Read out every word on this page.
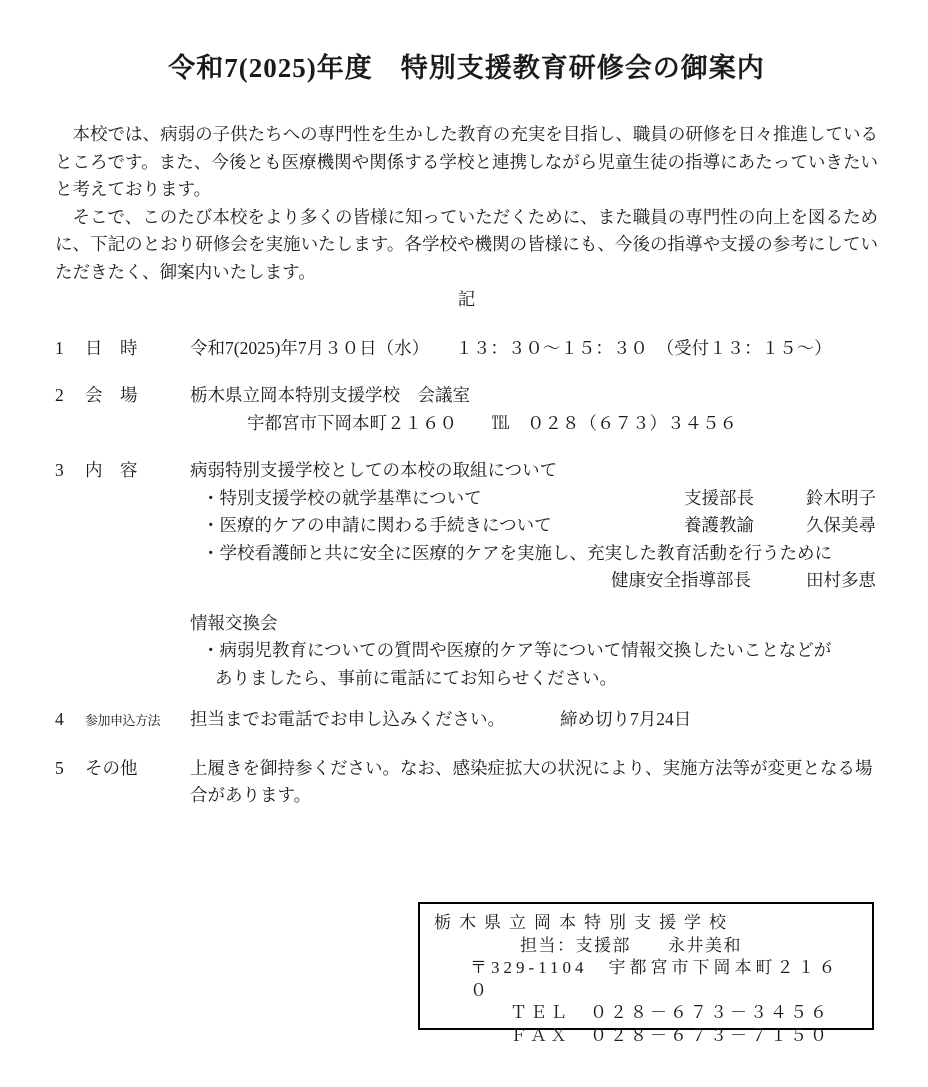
令和7(2025)年度　特別支援教育研修会の御案内

　本校では、病弱の子供たちへの専門性を生かした教育の充実を目指し、職員の研修を日々推進しているところです。また、今後とも医療機関や関係する学校と連携しながら児童生徒の指導にあたっていきたいと考えております。

　そこで、このたび本校をより多くの皆様に知っていただくために、また職員の専門性の向上を図るために、下記のとおり研修会を実施いたします。各学校や機関の皆様にも、今後の指導や支援の参考にしていただきたく、御案内いたします。

記
1	日　時	令和7(2025)年7月３０日（水）　　１３：３０～１５：３０　（受付１３：１５～）
2	会　場	栃木県立岡本特別支援学校　会議室
宇都宮市下岡本町２１６０　　℡　０２８（６７３）３４５６
3	内　容	病弱特別支援学校としての本校の取組について
・特別支援学校の就学基準について	支援部長	鈴木明子
・医療的ケアの申請に関わる手続きについて	養護教諭	久保美尋
・学校看護師と共に安全に医療的ケアを実施し、充実した教育活動を行うために
健康安全指導部長	田村多恵
情報交換会
・病弱児教育についての質問や医療的ケア等について情報交換したいことなどが
ありましたら、事前に電話にてお知らせください。
4	参加申込方法	担当までお電話でお申し込みください。	締め切り7月24日
5	その他	上履きを御持参ください。なお、感染症拡大の状況により、実施方法等が変更となる場合があります。
栃木県立岡本特別支援学校
担当：支援部　　永井美和
〒329-1104　宇都宮市下岡本町２１６０
ＴＥＬ　０２８－６７３－３４５６
ＦＡＸ　０２８－６７３－７１５０
